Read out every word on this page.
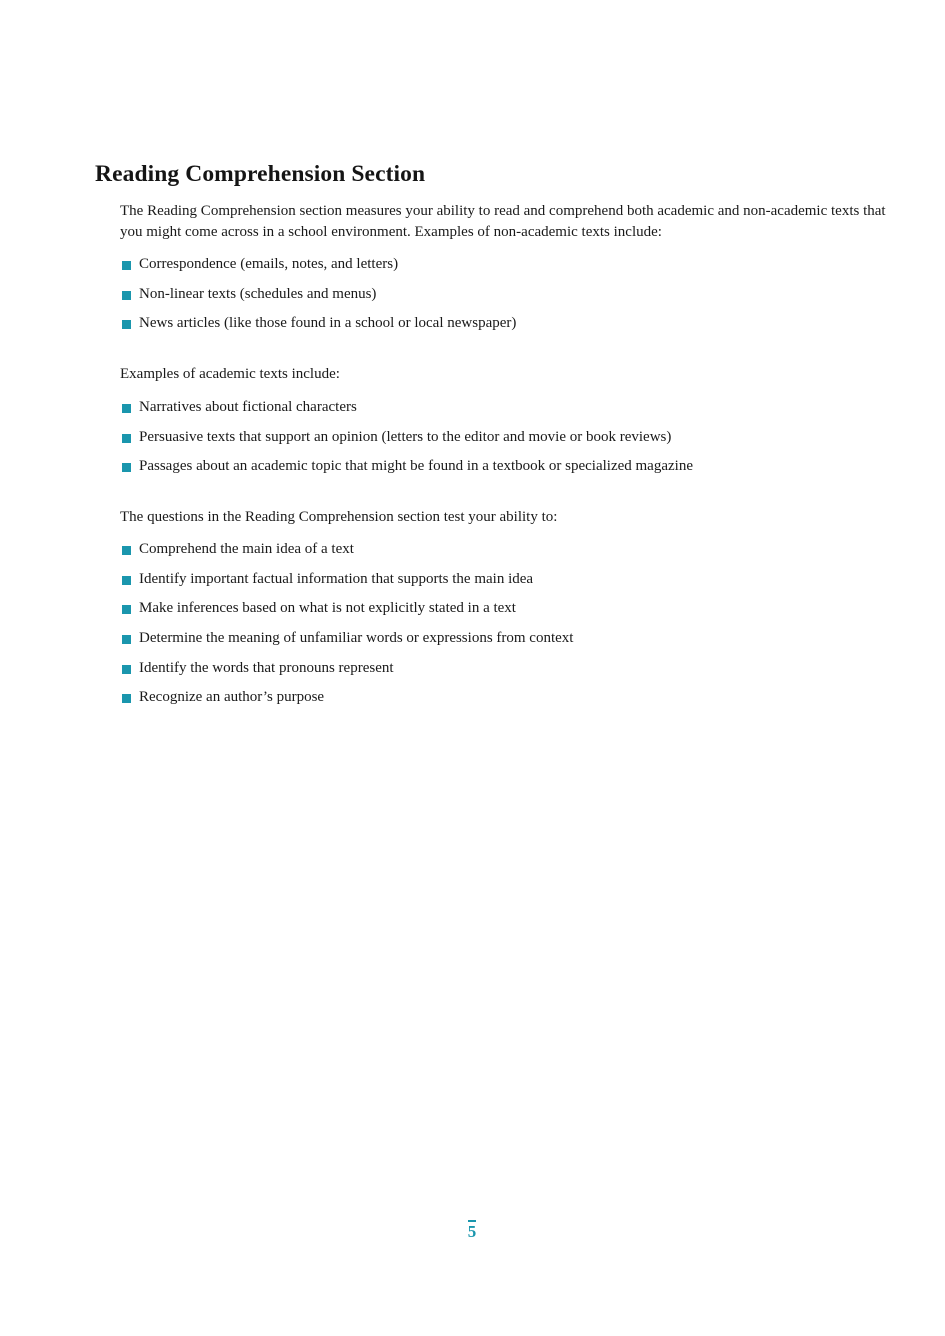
Reading Comprehension Section

The Reading Comprehension section measures your ability to read and comprehend both academic and non-academic texts that you might come across in a school environment. Examples of non-academic texts include:

Correspondence (emails, notes, and letters)
Non-linear texts (schedules and menus)
News articles (like those found in a school or local newspaper)

Examples of academic texts include:

Narratives about fictional characters
Persuasive texts that support an opinion (letters to the editor and movie or book reviews)
Passages about an academic topic that might be found in a textbook or specialized magazine

The questions in the Reading Comprehension section test your ability to:

Comprehend the main idea of a text
Identify important factual information that supports the main idea
Make inferences based on what is not explicitly stated in a text
Determine the meaning of unfamiliar words or expressions from context
Identify the words that pronouns represent
Recognize an author’s purpose
5
